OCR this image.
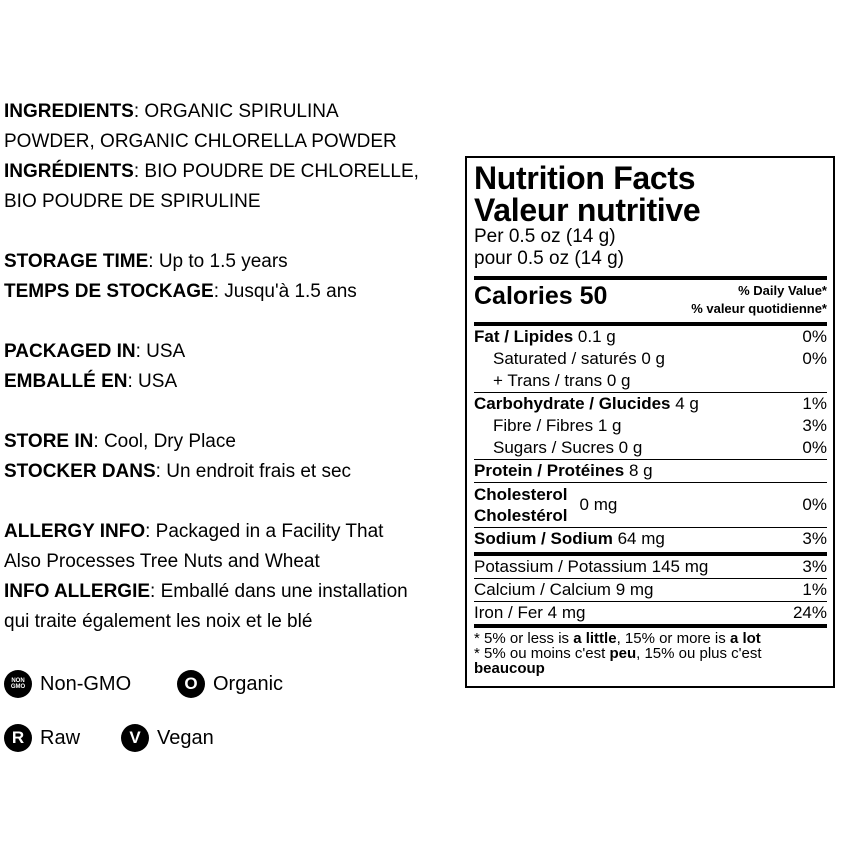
INGREDIENTS: ORGANIC SPIRULINA
POWDER, ORGANIC CHLORELLA POWDER
INGRÉDIENTS: BIO POUDRE DE CHLORELLE,
BIO POUDRE DE SPIRULINE
STORAGE TIME: Up to 1.5 years
TEMPS DE STOCKAGE: Jusqu'à 1.5 ans
PACKAGED IN: USA
EMBALLÉ EN: USA
STORE IN: Cool, Dry Place
STOCKER DANS: Un endroit frais et sec
ALLERGY INFO: Packaged in a Facility That
Also Processes Tree Nuts and Wheat
INFO ALLERGIE: Emballé dans une installation
qui traite également les noix et le blé
NON
GMO Non-GMO	O Organic
R Raw	V Vegan
Nutrition Facts
Valeur nutritive
Per 0.5 oz (14 g)
pour 0.5 oz (14 g)
Calories 50	% Daily Value*
% valeur quotidienne*
Fat / Lipides 0.1 g	0%
Saturated / saturés 0 g	0%
+ Trans / trans 0 g
Carbohydrate / Glucides 4 g	1%
Fibre / Fibres 1 g	3%
Sugars / Sucres 0 g	0%
Protein / Protéines 8 g
Cholesterol
Cholestérol
0 mg	0%
Sodium / Sodium 64 mg	3%
Potassium / Potassium 145 mg	3%
Calcium / Calcium 9 mg	1%
Iron / Fer 4 mg	24%
* 5% or less is a little, 15% or more is a lot
* 5% ou moins c'est peu, 15% ou plus c'est
beaucoup
